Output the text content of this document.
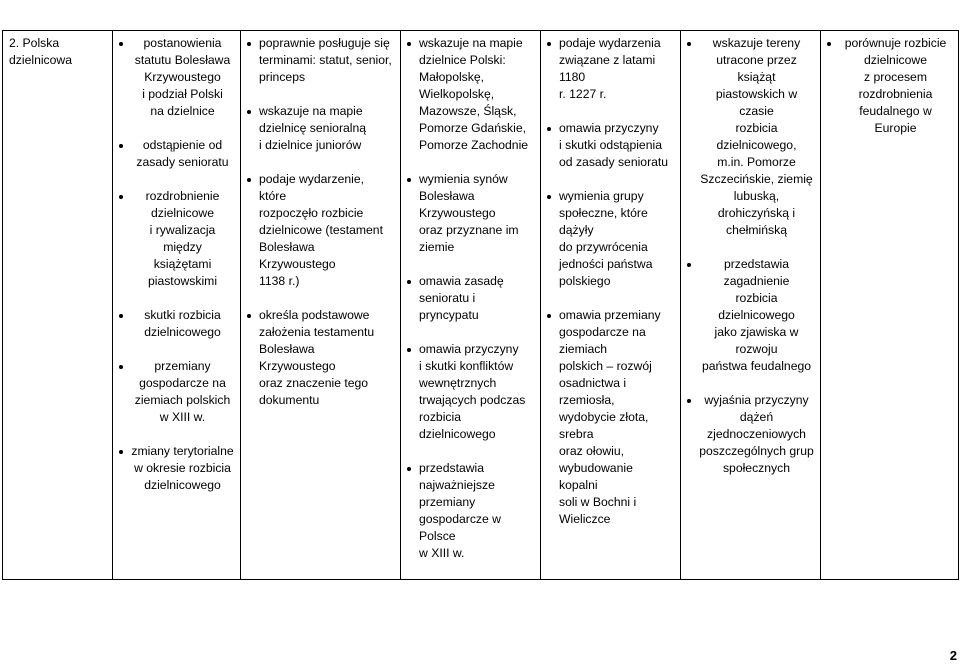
2. Polska
dzielnicowa

postanowienia
statutu Bolesława
Krzywoustego
i podział Polski
na dzielnice
odstąpienie od
zasady senioratu
rozdrobnienie
dzielnicowe
i rywalizacja między
książętami
piastowskimi
skutki rozbicia
dzielnicowego
przemiany
gospodarcze na
ziemiach polskich
w XIII w.
zmiany terytorialne
w okresie rozbicia
dzielnicowego

poprawnie posługuje się
terminami: statut, senior,
princeps
wskazuje na mapie
dzielnicę senioralną
i dzielnice juniorów
podaje wydarzenie, które
rozpoczęło rozbicie
dzielnicowe (testament
Bolesława Krzywoustego
1138 r.)
określa podstawowe
założenia testamentu
Bolesława Krzywoustego
oraz znaczenie tego
dokumentu

wskazuje na mapie
dzielnice Polski:
Małopolskę,
Wielkopolskę,
Mazowsze, Śląsk,
Pomorze Gdańskie,
Pomorze Zachodnie
wymienia synów
Bolesława Krzywoustego
oraz przyznane im
ziemie
omawia zasadę
senioratu i pryncypatu
omawia przyczyny
i skutki konfliktów
wewnętrznych
trwających podczas
rozbicia dzielnicowego
przedstawia
najważniejsze przemiany
gospodarcze w Polsce
w XIII w.

podaje wydarzenia
związane z latami 1180
r. 1227 r.
omawia przyczyny
i skutki odstąpienia
od zasady senioratu
wymienia grupy
społeczne, które dążyły
do przywrócenia
jedności państwa
polskiego
omawia przemiany
gospodarcze na ziemiach
polskich – rozwój
osadnictwa i rzemiosła,
wydobycie złota, srebra
oraz ołowiu,
wybudowanie kopalni
soli w Bochni i Wieliczce

wskazuje tereny
utracone przez książąt
piastowskich w czasie
rozbicia dzielnicowego,
m.in. Pomorze
Szczecińskie, ziemię
lubuską, drohiczyńską i
chełmińską
przedstawia zagadnienie
rozbicia dzielnicowego
jako zjawiska w rozwoju
państwa feudalnego
wyjaśnia przyczyny
dążeń zjednoczeniowych
poszczególnych grup
społecznych

porównuje rozbicie
dzielnicowe
z procesem
rozdrobnienia
feudalnego w Europie
2
